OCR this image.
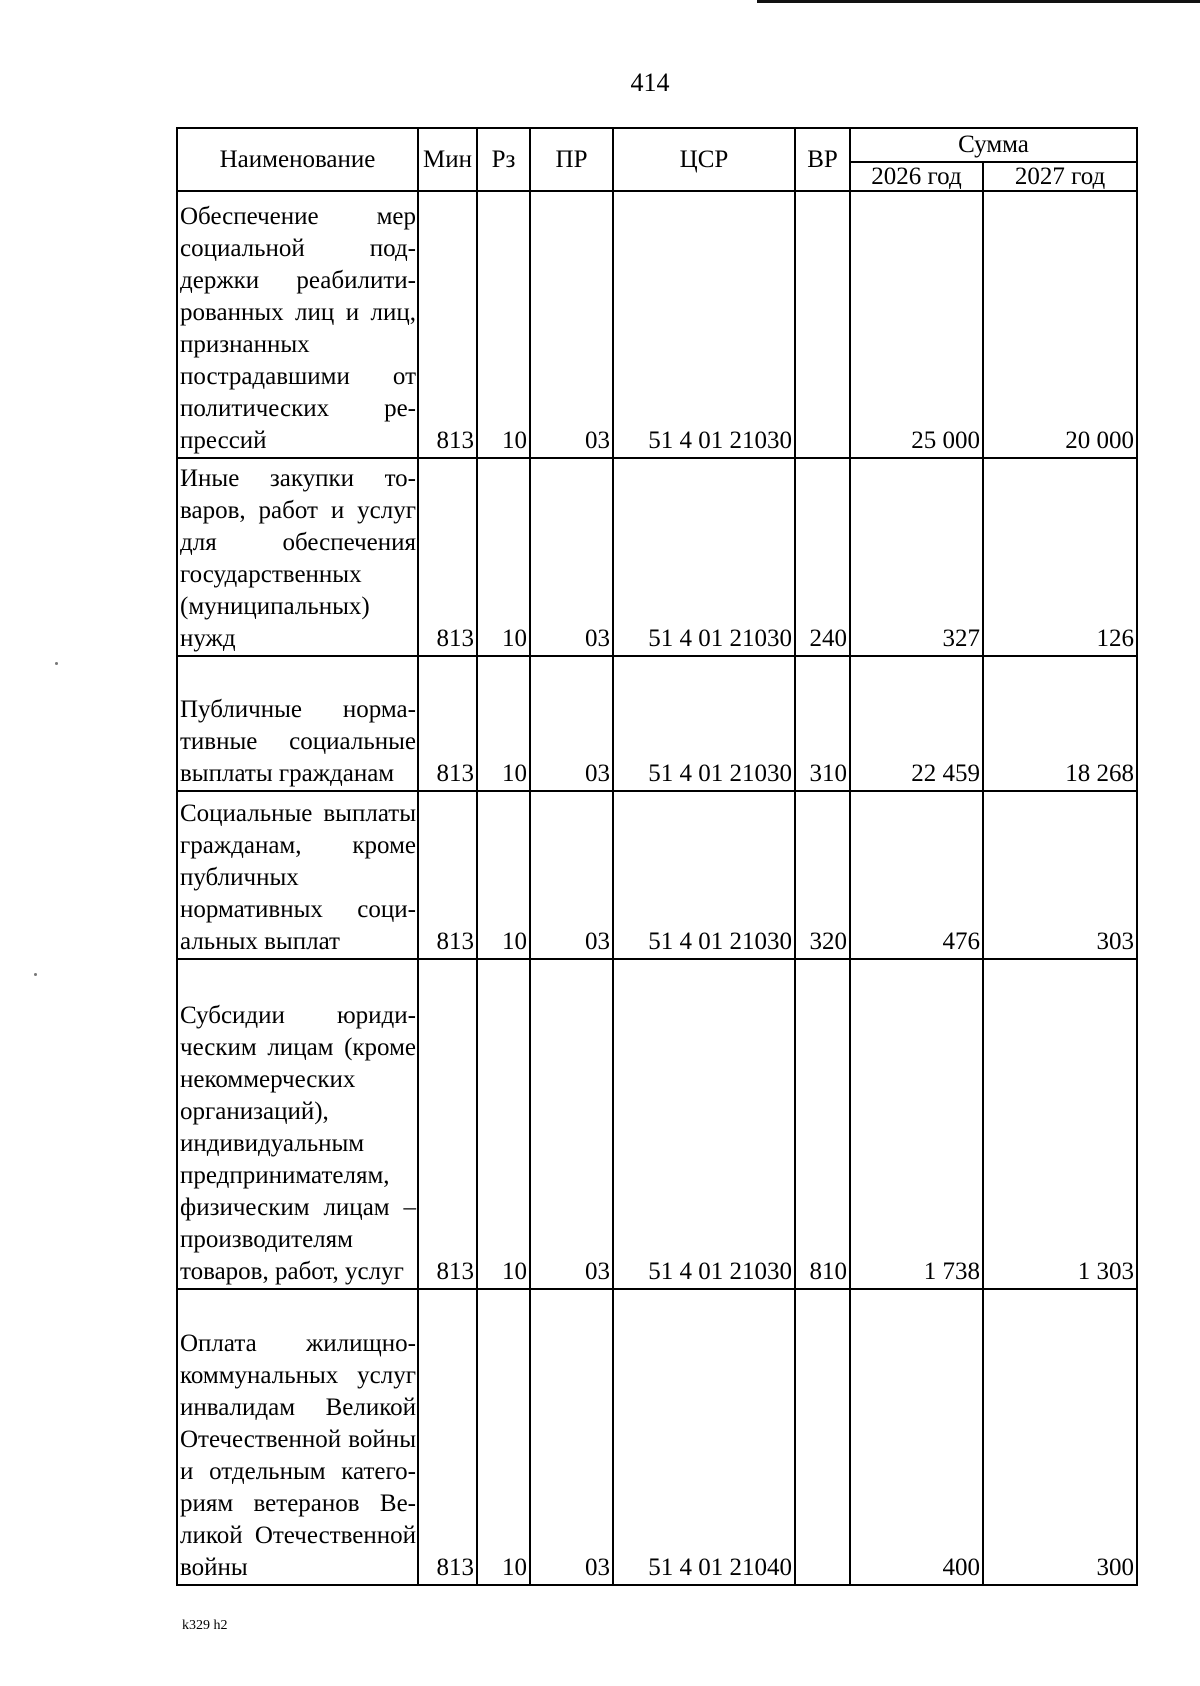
414
Наименование	Мин	Рз	ПР	ЦСР	ВР	Сумма	
						2026 год	2027 год
Обеспечение мер социальной поддержки реабилитированных лиц и лиц, признанных пострадавшими от политических репрессий	813	10	03	51 4 01 21030		25 000	20 000
Иные закупки товаров, работ и услуг для обеспечения государственных (муниципальных) нужд	813	10	03	51 4 01 21030	240	327	126
Публичные нормативные социальные выплаты гражданам	813	10	03	51 4 01 21030	310	22 459	18 268
Социальные выплаты гражданам, кроме публичных нормативных социальных выплат	813	10	03	51 4 01 21030	320	476	303
Субсидии юридическим лицам (кроме некоммерческих организаций), индивидуальным предпринимателям, физическим лицам – производителям товаров, работ, услуг	813	10	03	51 4 01 21030	810	1 738	1 303
Оплата жилищнокоммунальных услуг инвалидам Великой Отечественной войны и отдельным категориям ветеранов Великой Отечественной войны	813	10	03	51 4 01 21040		400	300
k329 h2
